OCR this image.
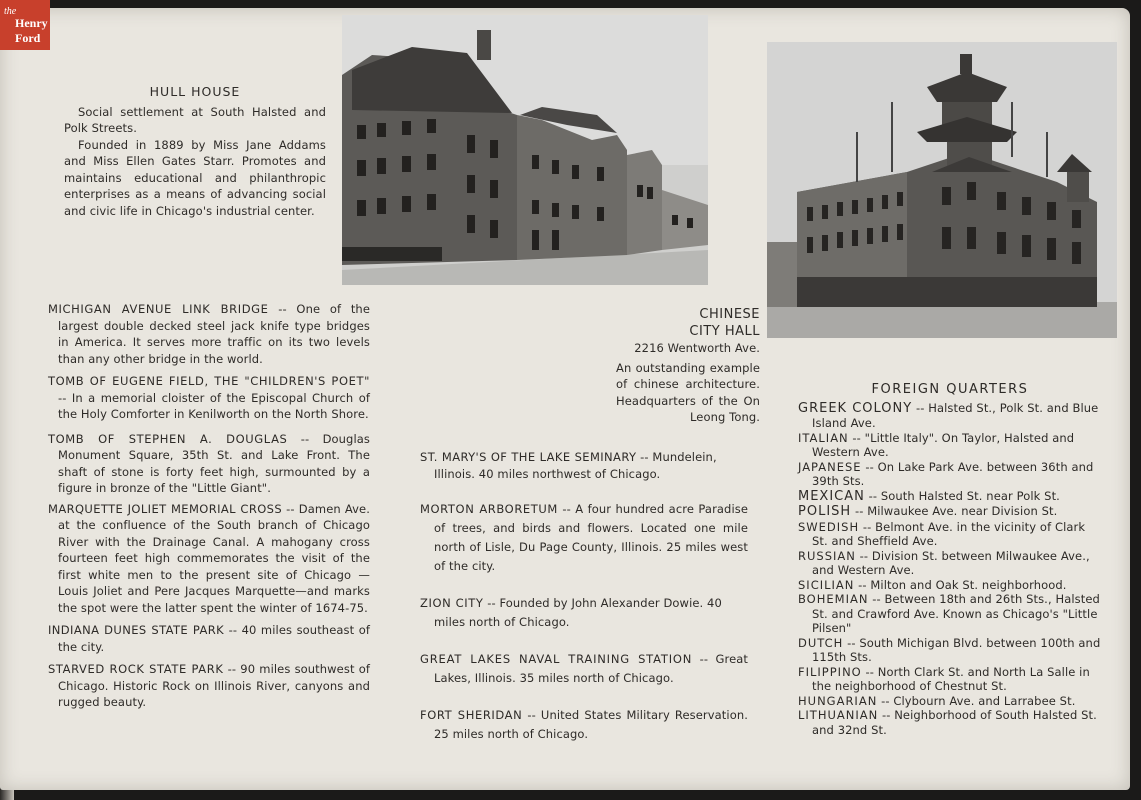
the
Henry
Ford
HULL HOUSE

Social settlement at South Halsted and Polk Streets.

Founded in 1889 by Miss Jane Addams and Miss Ellen Gates Starr. Promotes and maintains educational and philanthropic enterprises as a means of advancing social and civic life in Chicago's industrial center.

CHINESE
CITY HALL
2216 Wentworth Ave.
An outstanding example of chinese architecture. Headquarters of the On Leong Tong.

MICHIGAN AVENUE LINK BRIDGE -- One of the largest double decked steel jack knife type bridges in America. It serves more traffic on its two levels than any other bridge in the world.

TOMB OF EUGENE FIELD, THE "CHILDREN'S POET" -- In a memorial cloister of the Episcopal Church of the Holy Comforter in Kenilworth on the North Shore.

TOMB OF STEPHEN A. DOUGLAS -- Douglas Monument Square, 35th St. and Lake Front. The shaft of stone is forty feet high, surmounted by a figure in bronze of the "Little Giant".

MARQUETTE JOLIET MEMORIAL CROSS -- Damen Ave. at the confluence of the South branch of Chicago River with the Drainage Canal. A mahogany cross fourteen feet high commemorates the visit of the first white men to the present site of Chicago — Louis Joliet and Pere Jacques Marquette—and marks the spot were the latter spent the winter of 1674-75.

INDIANA DUNES STATE PARK -- 40 miles southeast of the city.

STARVED ROCK STATE PARK -- 90 miles southwest of Chicago. Historic Rock on Illinois River, canyons and rugged beauty.

ST. MARY'S OF THE LAKE SEMINARY -- Mundelein, Illinois. 40 miles northwest of Chicago.

MORTON ARBORETUM -- A four hundred acre Paradise of trees, and birds and flowers. Located one mile north of Lisle, Du Page County, Illinois. 25 miles west of the city.

ZION CITY -- Founded by John Alexander Dowie. 40 miles north of Chicago.

GREAT LAKES NAVAL TRAINING STATION -- Great Lakes, Illinois. 35 miles north of Chicago.

FORT SHERIDAN -- United States Military Reservation. 25 miles north of Chicago.

FOREIGN QUARTERS

GREEK COLONY -- Halsted St., Polk St. and Blue Island Ave.

ITALIAN -- "Little Italy". On Taylor, Halsted and Western Ave.

JAPANESE -- On Lake Park Ave. between 36th and 39th Sts.

MEXICAN -- South Halsted St. near Polk St.

POLISH -- Milwaukee Ave. near Division St.

SWEDISH -- Belmont Ave. in the vicinity of Clark St. and Sheffield Ave.

RUSSIAN -- Division St. between Milwaukee Ave., and Western Ave.

SICILIAN -- Milton and Oak St. neighborhood.

BOHEMIAN -- Between 18th and 26th Sts., Halsted St. and Crawford Ave. Known as Chicago's "Little Pilsen"

DUTCH -- South Michigan Blvd. between 100th and 115th Sts.

FILIPPINO -- North Clark St. and North La Salle in the neighborhood of Chestnut St.

HUNGARIAN -- Clybourn Ave. and Larrabee St.

LITHUANIAN -- Neighborhood of South Halsted St. and 32nd St.
